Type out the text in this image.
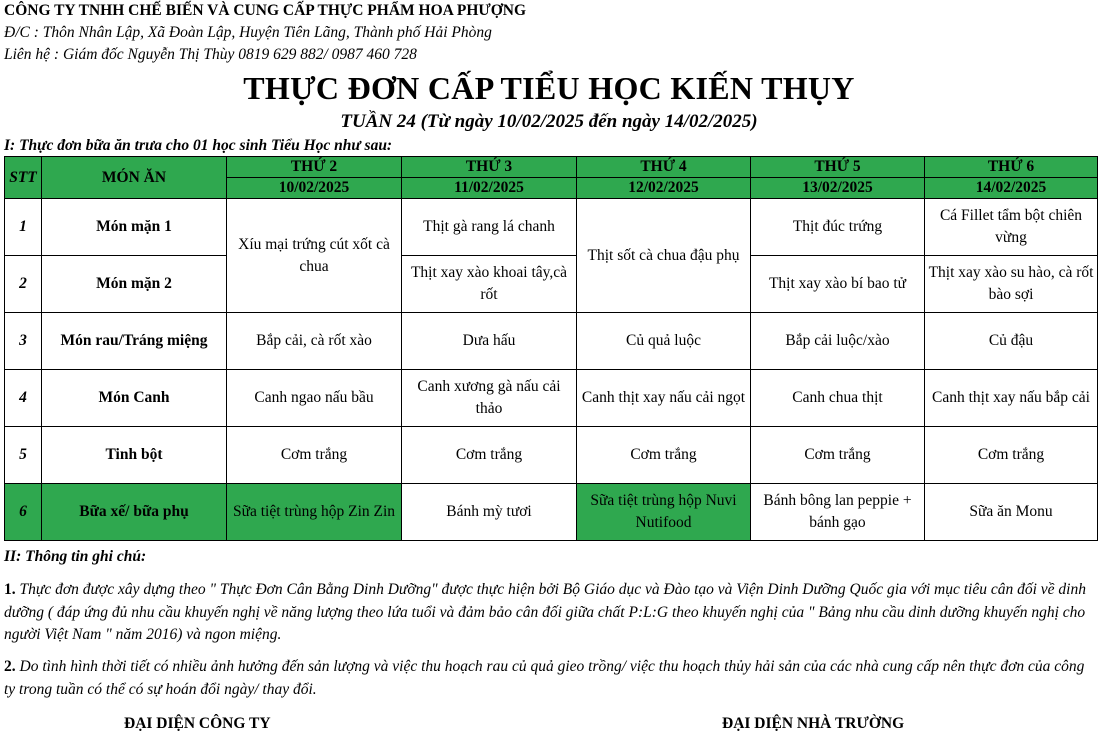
CÔNG TY TNHH CHẾ BIẾN VÀ CUNG CẤP THỰC PHẨM HOA PHƯỢNG
Đ/C : Thôn Nhân Lập, Xã Đoàn Lập, Huyện Tiên Lãng, Thành phố Hải Phòng
Liên hệ : Giám đốc Nguyễn Thị Thùy 0819 629 882/ 0987 460 728
THỰC ĐƠN CẤP TIỂU HỌC KIẾN THỤY
TUẦN 24 (Từ ngày 10/02/2025 đến ngày 14/02/2025)
I: Thực đơn bữa ăn trưa cho 01 học sinh Tiểu Học như sau:
STT	MÓN ĂN	THỨ 2	THỨ 3	THỨ 4	THỨ 5	THỨ 6
		10/02/2025	11/02/2025	12/02/2025	13/02/2025	14/02/2025
1	Món mặn 1	Xíu mại trứng cút xốt cà chua	Thịt gà rang lá chanh	Thịt sốt cà chua đậu phụ	Thịt đúc trứng	Cá Fillet tẩm bột chiên vừng
2	Món mặn 2		Thịt xay xào khoai tây,cà rốt		Thịt xay xào bí bao tử	Thịt xay xào su hào, cà rốt bào sợi
3	Món rau/Tráng miệng	Bắp cải, cà rốt xào	Dưa hấu	Củ quả luộc	Bắp cải luộc/xào	Củ đậu
4	Món Canh	Canh ngao nấu bầu	Canh xương gà nấu cải thảo	Canh thịt xay nấu cải ngọt	Canh chua thịt	Canh thịt xay nấu bắp cải
5	Tinh bột	Cơm trắng	Cơm trắng	Cơm trắng	Cơm trắng	Cơm trắng
6	Bữa xế/ bữa phụ	Sữa tiệt trùng hộp Zin Zin	Bánh mỳ tươi	Sữa tiệt trùng hộp Nuvi Nutifood	Bánh bông lan peppie + bánh gạo	Sữa ăn Monu
II: Thông tin ghi chú:
1. Thực đơn được xây dựng theo " Thực Đơn Cân Bằng Dinh Dưỡng" được thực hiện bởi Bộ Giáo dục và Đào tạo và Viện Dinh Dưỡng Quốc gia với mục tiêu cân đối về dinh dưỡng ( đáp ứng đủ nhu cầu khuyến nghị về năng lượng theo lứa tuổi và đảm bảo cân đối giữa chất P:L:G theo khuyến nghị của " Bảng nhu cầu dinh dưỡng khuyến nghị cho người Việt Nam " năm 2016) và ngon miệng.
2. Do tình hình thời tiết có nhiều ảnh hưởng đến sản lượng và việc thu hoạch rau củ quả gieo trồng/ việc thu hoạch thủy hải sản của các nhà cung cấp nên thực đơn của công ty trong tuần có thể có sự hoán đổi ngày/ thay đổi.
ĐẠI DIỆN CÔNG TY	ĐẠI DIỆN NHÀ TRƯỜNG
